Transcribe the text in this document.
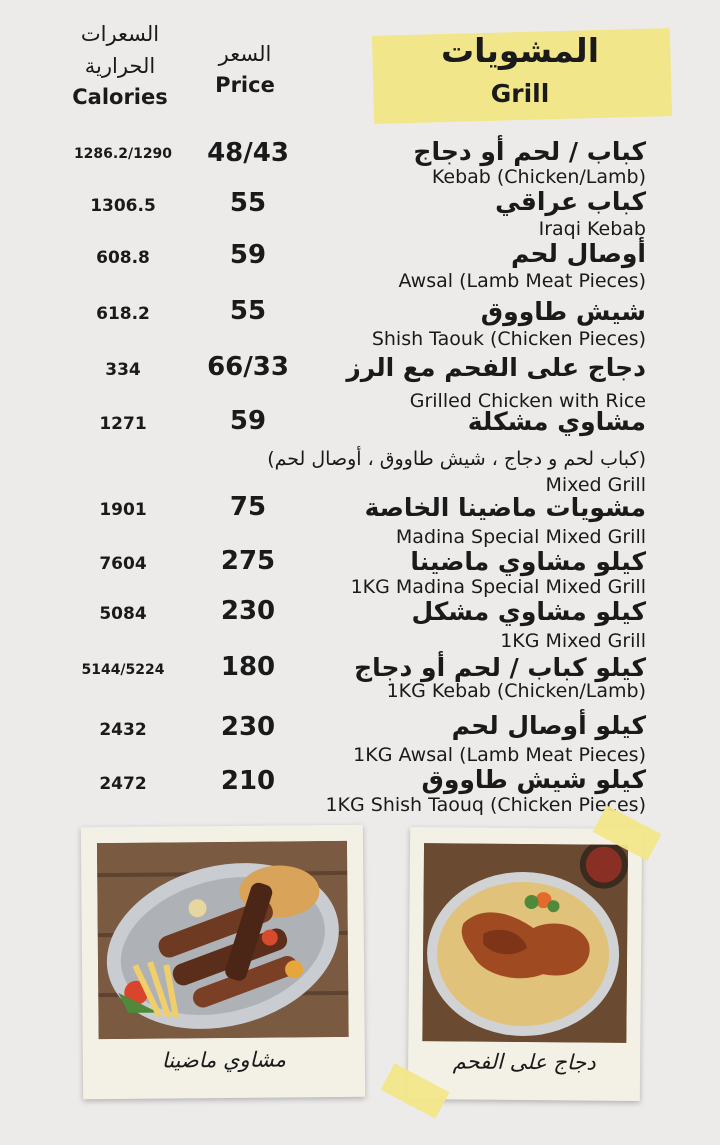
السعرات
الحرارية
Calories
السعر
Price
المشويات
Grill
1286.2/1290	48/43	كباب / لحم أو دجاج
Kebab (Chicken/Lamb)
1306.5	55	كباب عراقي
Iraqi Kebab
608.8	59	أوصال لحم
Awsal (Lamb Meat Pieces)
618.2	55	شيش طاووق
Shish Taouk (Chicken Pieces)
334	66/33	دجاج على الفحم مع الرز
Grilled Chicken with Rice
1271	59	مشاوي مشكلة
(كباب لحم و دجاج ، شيش طاووق ، أوصال لحم)
Mixed Grill
1901	75	مشويات ماضينا الخاصة
Madina Special Mixed Grill
7604	275	كيلو مشاوي ماضينا
1KG Madina Special Mixed Grill
5084	230	كيلو مشاوي مشكل
1KG Mixed Grill
5144/5224	180	كيلو كباب / لحم أو دجاج
1KG Kebab (Chicken/Lamb)
2432	230	كيلو أوصال لحم
1KG Awsal (Lamb Meat Pieces)
2472	210	كيلو شيش طاووق
1KG Shish Taouq (Chicken Pieces)
مشاوي ماضينا	دجاج على الفحم
